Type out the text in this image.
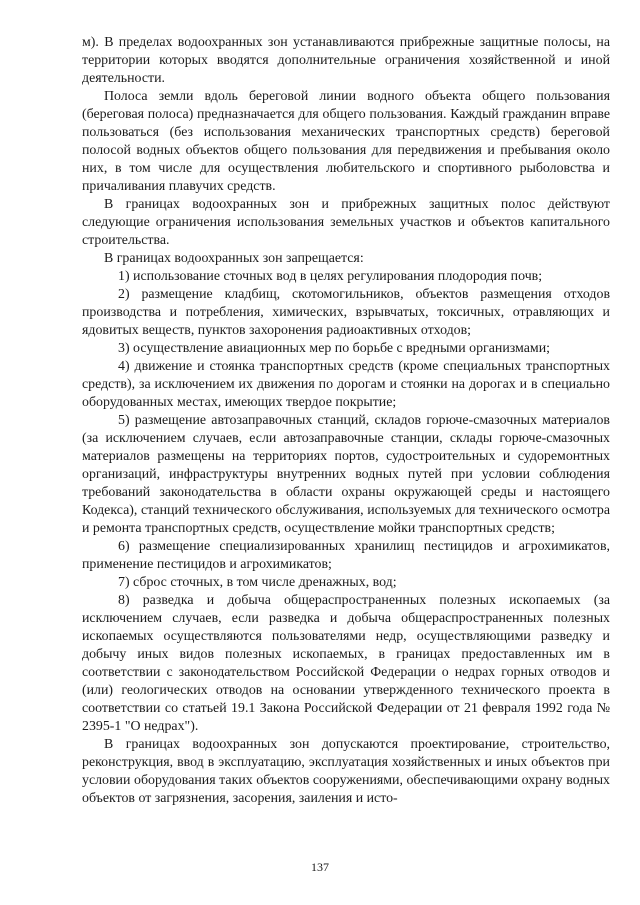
м). В пределах водоохранных зон устанавливаются прибрежные защитные полосы, на территории которых вводятся дополнительные ограничения хозяйственной и иной деятельности.

Полоса земли вдоль береговой линии водного объекта общего пользования (береговая полоса) предназначается для общего пользования. Каждый гражданин вправе пользоваться (без использования механических транспортных средств) береговой полосой водных объектов общего пользования для передвижения и пребывания около них, в том числе для осуществления любительского и спортивного рыболовства и причаливания плавучих средств.

В границах водоохранных зон и прибрежных защитных полос действуют следующие ограничения использования земельных участков и объектов капитального строительства.

В границах водоохранных зон запрещается:

1) использование сточных вод в целях регулирования плодородия почв;

2) размещение кладбищ, скотомогильников, объектов размещения отходов производства и потребления, химических, взрывчатых, токсичных, отравляющих и ядовитых веществ, пунктов захоронения радиоактивных отходов;

3) осуществление авиационных мер по борьбе с вредными организмами;

4) движение и стоянка транспортных средств (кроме специальных транспортных средств), за исключением их движения по дорогам и стоянки на дорогах и в специально оборудованных местах, имеющих твердое покрытие;

5) размещение автозаправочных станций, складов горюче-смазочных материалов (за исключением случаев, если автозаправочные станции, склады горюче-смазочных материалов размещены на территориях портов, судостроительных и судоремонтных организаций, инфраструктуры внутренних водных путей при условии соблюдения требований законодательства в области охраны окружающей среды и настоящего Кодекса), станций технического обслуживания, используемых для технического осмотра и ремонта транспортных средств, осуществление мойки транспортных средств;

6) размещение специализированных хранилищ пестицидов и агрохимикатов, применение пестицидов и агрохимикатов;

7) сброс сточных, в том числе дренажных, вод;

8) разведка и добыча общераспространенных полезных ископаемых (за исключением случаев, если разведка и добыча общераспространенных полезных ископаемых осуществляются пользователями недр, осуществляющими разведку и добычу иных видов полезных ископаемых, в границах предоставленных им в соответствии с законодательством Российской Федерации о недрах горных отводов и (или) геологических отводов на основании утвержденного технического проекта в соответствии со статьей 19.1 Закона Российской Федерации от 21 февраля 1992 года № 2395-1 "О недрах").

В границах водоохранных зон допускаются проектирование, строительство, реконструкция, ввод в эксплуатацию, эксплуатация хозяйственных и иных объектов при условии оборудования таких объектов сооружениями, обеспечивающими охрану водных объектов от загрязнения, засорения, заиления и исто-

137
